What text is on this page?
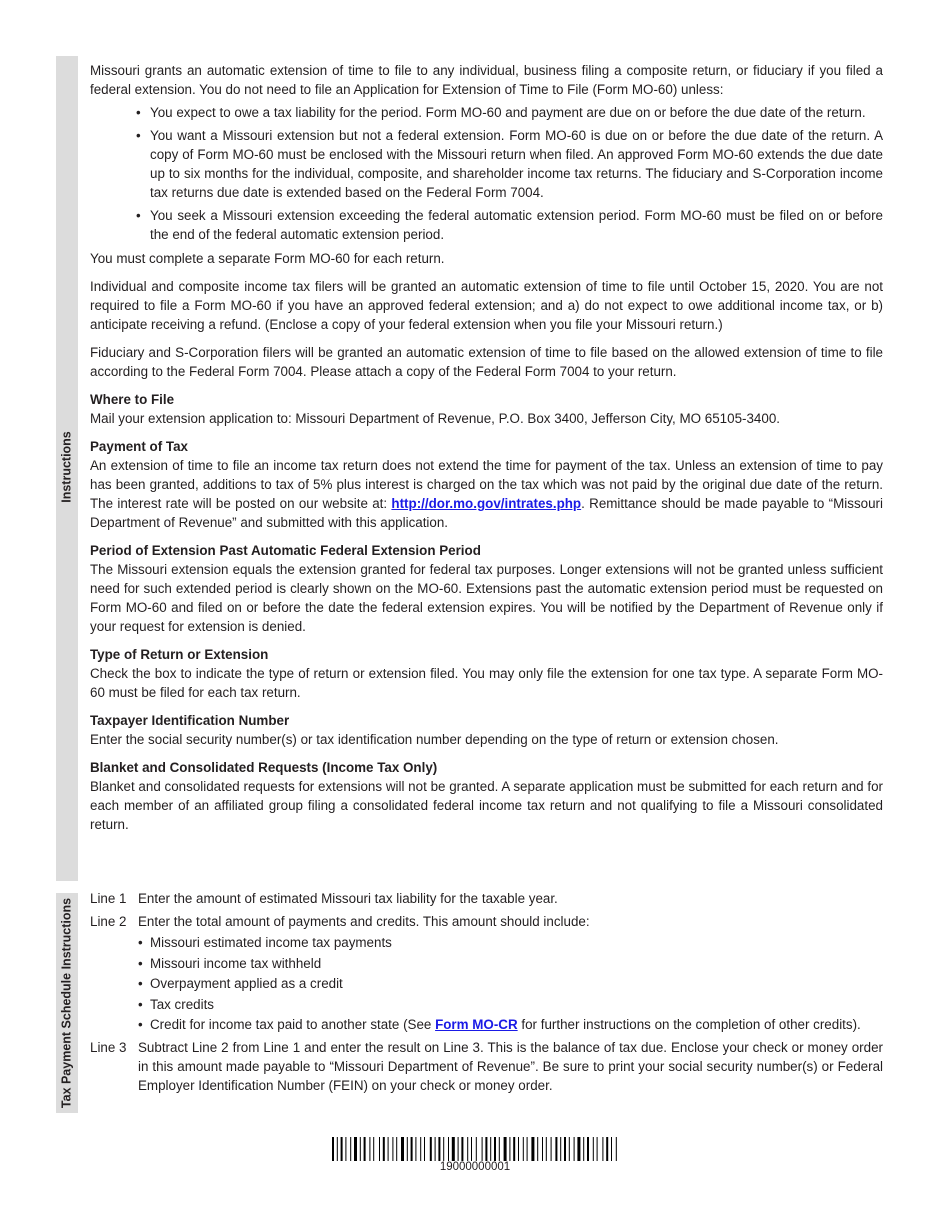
Instructions
Tax Payment Schedule Instructions

Missouri grants an automatic extension of time to file to any individual, business filing a composite return, or fiduciary if you filed a federal extension. You do not need to file an Application for Extension of Time to File (Form MO-60) unless:

• You expect to owe a tax liability for the period. Form MO-60 and payment are due on or before the due date of the return.
• You want a Missouri extension but not a federal extension. Form MO-60 is due on or before the due date of the return. A copy of Form MO-60 must be enclosed with the Missouri return when filed. An approved Form MO-60 extends the due date up to six months for the individual, composite, and shareholder income tax returns. The fiduciary and S-Corporation income tax returns due date is extended based on the Federal Form 7004.
• You seek a Missouri extension exceeding the federal automatic extension period. Form MO-60 must be filed on or before the end of the federal automatic extension period.

You must complete a separate Form MO-60 for each return.

Individual and composite income tax filers will be granted an automatic extension of time to file until October 15, 2020. You are not required to file a Form MO-60 if you have an approved federal extension; and a) do not expect to owe additional income tax, or b) anticipate receiving a refund. (Enclose a copy of your federal extension when you file your Missouri return.)

Fiduciary and S-Corporation filers will be granted an automatic extension of time to file based on the allowed extension of time to file according to the Federal Form 7004. Please attach a copy of the Federal Form 7004 to your return.

Where to File

Mail your extension application to: Missouri Department of Revenue, P.O. Box 3400, Jefferson City, MO 65105-3400.

Payment of Tax

An extension of time to file an income tax return does not extend the time for payment of the tax. Unless an extension of time to pay has been granted, additions to tax of 5% plus interest is charged on the tax which was not paid by the original due date of the return. The interest rate will be posted on our website at: http://dor.mo.gov/intrates.php. Remittance should be made payable to “Missouri Department of Revenue” and submitted with this application.

Period of Extension Past Automatic Federal Extension Period

The Missouri extension equals the extension granted for federal tax purposes. Longer extensions will not be granted unless sufficient need for such extended period is clearly shown on the MO-60. Extensions past the automatic extension period must be requested on Form MO-60 and filed on or before the date the federal extension expires. You will be notified by the Department of Revenue only if your request for extension is denied.

Type of Return or Extension

Check the box to indicate the type of return or extension filed. You may only file the extension for one tax type. A separate Form MO-60 must be filed for each tax return.

Taxpayer Identification Number

Enter the social security number(s) or tax identification number depending on the type of return or extension chosen.

Blanket and Consolidated Requests (Income Tax Only)

Blanket and consolidated requests for extensions will not be granted. A separate application must be submitted for each return and for each member of an affiliated group filing a consolidated federal income tax return and not qualifying to file a Missouri consolidated return.

Line 1 Enter the amount of estimated Missouri tax liability for the taxable year.
Line 2 Enter the total amount of payments and credits. This amount should include:
• Missouri estimated income tax payments
• Missouri income tax withheld
• Overpayment applied as a credit
• Tax credits
• Credit for income tax paid to another state (See Form MO-CR for further instructions on the completion of other credits).
Line 3 Subtract Line 2 from Line 1 and enter the result on Line 3. This is the balance of tax due. Enclose your check or money order in this amount made payable to “Missouri Department of Revenue”. Be sure to print your social security number(s) or Federal Employer Identification Number (FEIN) on your check or money order.
19000000001
